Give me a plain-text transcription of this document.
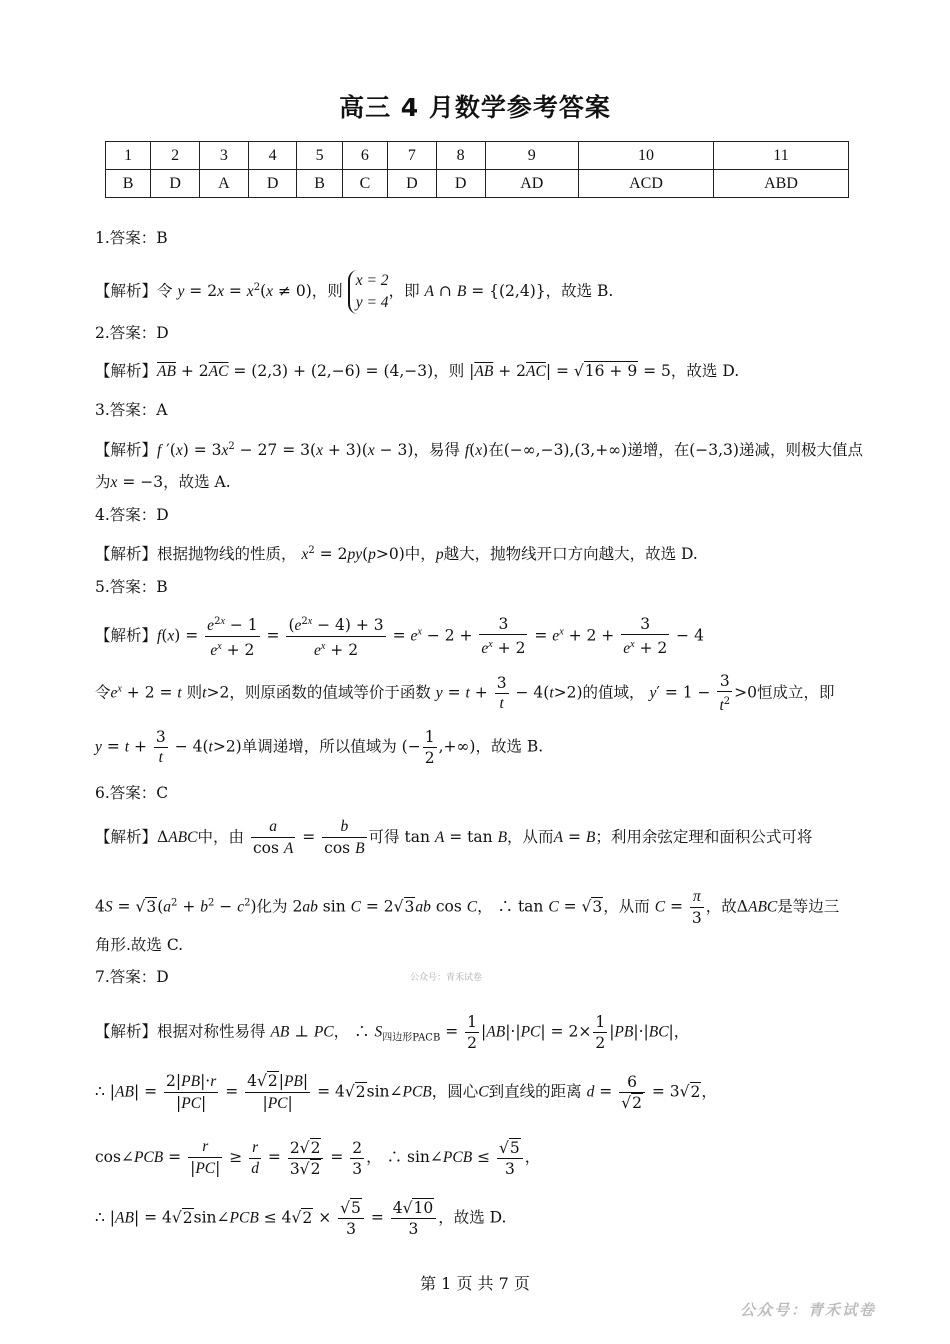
高三 4 月数学参考答案
1	2	3	4	5	6	7	8	9	10	11
B	D	A	D	B	C	D	D	AD	ACD	ABD
1.答案：B
【解析】令 $y = 2x = x^2(x \ne 0)$，则
x = 2
y = 4
，即 A ∩ B = {(2,4)}，故选 B.
2.答案：D
【解析】$\overline{AB} + 2\overline{AC} = (2,3) + (2,-6) = (4,-3)$，则 $|\overline{AB} + 2\overline{AC}| = √16 + 9 = 5$，故选 D.
3.答案：A
【解析】f $'(x) = 3x^2 - 27 = 3(x + 3)(x - 3)$，易得 f(x)在(−∞,−3),(3,+∞)递增，在(−3,3)递减，则极大值点
为x = −3，故选 A.
4.答案：D
【解析】根据抛物线的性质， $x^2 = 2py(p>0)$中，p越大，抛物线开口方向越大，故选 D.
5.答案：B
【解析】$f(x) = \frac{e^{2x} - 1}{e^x + 2} = \frac{(e^{2x} - 4) + 3}{e^x + 2} = e^x - 2 + \frac{3}{e^x + 2} = e^x + 2 + \frac{3}{e^x + 2} - 4$
令$e^x + 2 = t$ 则t>2，则原函数的值域等价于函数 $y = t + \frac{3}{t} - 4(t>2)$的值域， $y' = 1 - \frac{3}{t^2} >0$恒成立，即
$y = t + \frac{3}{t} - 4(t>2)$单调递增，所以值域为 (− $\frac{1}{2}$ ,+∞)，故选 B.
6.答案：C
【解析】ΔABC中，由 $\frac{a}{\text{cos A}} = \frac{b}{\text{cos B}}$ 可得 tan A = tan B，从而A = B；利用余弦定理和面积公式可将
$4S = √3(a^2 + b^2 - c^2)$化为 2ab sin C = 2√3ab cos C， ∴ tan C = √3，从而 $C = \frac{\pi}{3}$ ，故ΔABC是等边三
角形.故选 C.
7.答案：D
【解析】根据对称性易得 AB ⊥ PC， ∴ $S_{四边形PACB} = \frac{1}{2} |AB|\cdot|PC| = 2\times \frac{1}{2} |PB|\cdot|BC|$，
∴ $|AB| = \frac{2|PB|\cdot r}{|PC|} = \frac{4√2|PB|}{|PC|}$ = 4√2sin∠PCB，圆心C到直线的距离 $d = \frac{6}{√2} = 3√2$，
cos∠PCB = $\frac{r}{|PC|} \ge \frac{r}{d} = \frac{2√2}{3√2} = \frac{2}{3}$ ， ∴ sin∠PCB ≤ $\frac{√5}{3}$ ，
∴ |AB| = 4√2sin∠PCB ≤ $4√2 \times \frac{√5}{3} = \frac{4√10}{3}$ ，故选 D.
公众号：青禾试卷
第 1 页 共 7 页
公众号：青禾试卷
